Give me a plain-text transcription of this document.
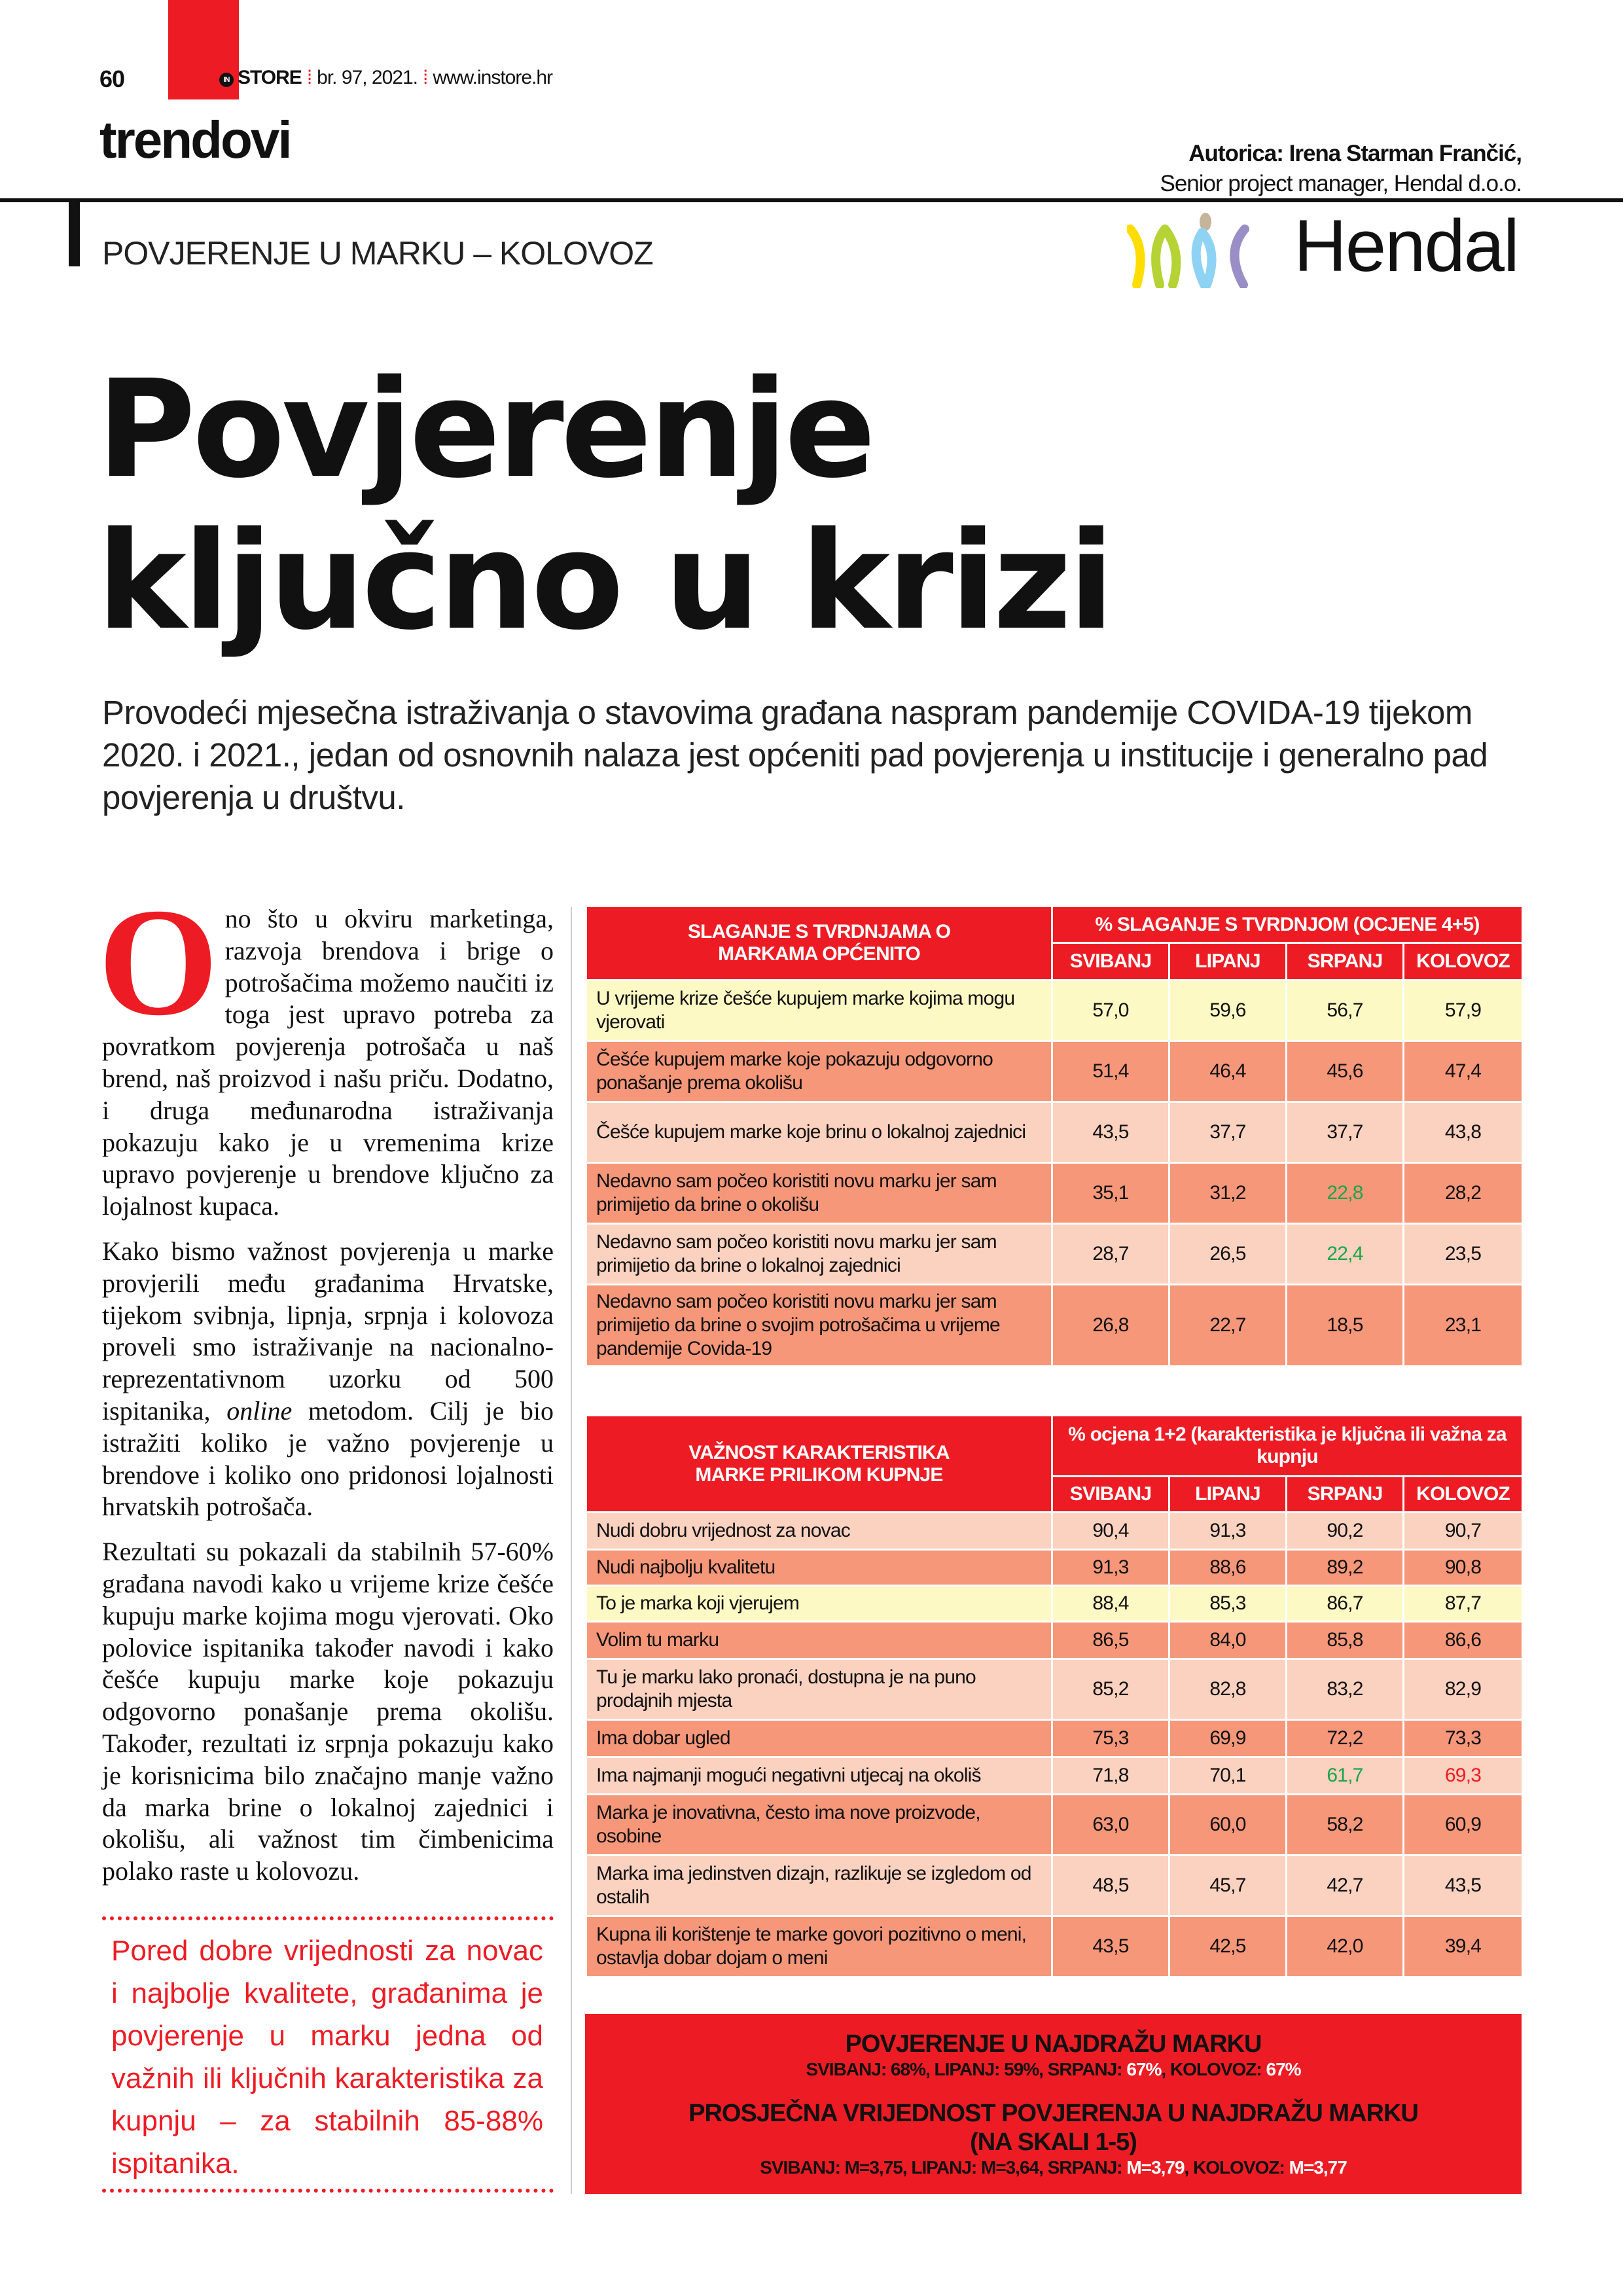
60	IN STORE ⁞ br. 97, 2021. ⁞ www.instore.hr
trendovi	Autorica: Irena Starman Frančić,
Senior project manager, Hendal d.o.o.
POVJERENJE U MARKU – KOLOVOZ	Hendal
Povjerenje
ključno u krizi
Provodeći mjesečna istraživanja o stavovima građana naspram pandemije COVIDA-19 tijekom 2020. i 2021., jedan od osnovnih nalaza jest općeniti pad povjerenja u institucije i generalno pad povjerenja u društvu.

Ono što u okviru marketinga, razvoja brendova i brige o potrošačima možemo naučiti iz toga jest upravo potreba za povratkom povjerenja potrošača u naš brend, naš proizvod i našu priču. Dodatno, i druga međunarodna istraživanja pokazuju kako je u vremenima krize upravo povjerenje u brendove ključno za lojalnost kupaca.

Kako bismo važnost povjerenja u marke provjerili među građanima Hrvatske, tijekom svibnja, lipnja, srpnja i kolovoza proveli smo istraživanje na nacionalno-reprezentativnom uzorku od 500 ispitanika, online metodom. Cilj je bio istražiti koliko je važno povjerenje u brendove i koliko ono pridonosi lojalnosti hrvatskih potrošača.

Rezultati su pokazali da stabilnih 57-60% građana navodi kako u vrijeme krize češće kupuju marke kojima mogu vjerovati. Oko polovice ispitanika također navodi i kako češće kupuju marke koje pokazuju odgovorno ponašanje prema okolišu. Također, rezultati iz srpnja pokazuju kako je korisnicima bilo značajno manje važno da marka brine o lokalnoj zajednici i okolišu, ali važnost tim čimbenicima polako raste u kolovozu.

Pored dobre vrijednosti za novac i najbolje kvalitete, građanima je povjerenje u marku jedna od važnih ili ključnih karakteristika za kupnju – za stabilnih 85-88% ispitanika.
SLAGANJE S TVRDNJAMA O MARKAMA OPĆENITO	% SLAGANJE S TVRDNJOM (OCJENE 4+5)			
	SVIBANJ	LIPANJ	SRPANJ	KOLOVOZ
U vrijeme krize češće kupujem marke kojima mogu vjerovati	57,0	59,6	56,7	57,9
Češće kupujem marke koje pokazuju odgovorno ponašanje prema okolišu	51,4	46,4	45,6	47,4
Češće kupujem marke koje brinu o lokalnoj zajednici	43,5	37,7	37,7	43,8
Nedavno sam počeo koristiti novu marku jer sam primijetio da brine o okolišu	35,1	31,2	22,8	28,2
Nedavno sam počeo koristiti novu marku jer sam primijetio da brine o lokalnoj zajednici	28,7	26,5	22,4	23,5
Nedavno sam počeo koristiti novu marku jer sam primijetio da brine o svojim potrošačima u vrijeme pandemije Covida-19	26,8	22,7	18,5	23,1
VAŽNOST KARAKTERISTIKA MARKE PRILIKOM KUPNJE	% ocjena 1+2 (karakteristika je ključna ili važna za kupnju			
	SVIBANJ	LIPANJ	SRPANJ	KOLOVOZ
Nudi dobru vrijednost za novac	90,4	91,3	90,2	90,7
Nudi najbolju kvalitetu	91,3	88,6	89,2	90,8
To je marka koji vjerujem	88,4	85,3	86,7	87,7
Volim tu marku	86,5	84,0	85,8	86,6
Tu je marku lako pronaći, dostupna je na puno prodajnih mjesta	85,2	82,8	83,2	82,9
Ima dobar ugled	75,3	69,9	72,2	73,3
Ima najmanji mogući negativni utjecaj na okoliš	71,8	70,1	61,7	69,3
Marka je inovativna, često ima nove proizvode, osobine	63,0	60,0	58,2	60,9
Marka ima jedinstven dizajn, razlikuje se izgledom od ostalih	48,5	45,7	42,7	43,5
Kupna ili korištenje te marke govori pozitivno o meni, ostavlja dobar dojam o meni	43,5	42,5	42,0	39,4
POVJERENJE U NAJDRAŽU MARKU
SVIBANJ: 68%, LIPANJ: 59%, SRPANJ: 67%, KOLOVOZ: 67%
PROSJEČNA VRIJEDNOST POVJERENJA U NAJDRAŽU MARKU
(NA SKALI 1-5)
SVIBANJ: M=3,75, LIPANJ: M=3,64, SRPANJ: M=3,79, KOLOVOZ: M=3,77
